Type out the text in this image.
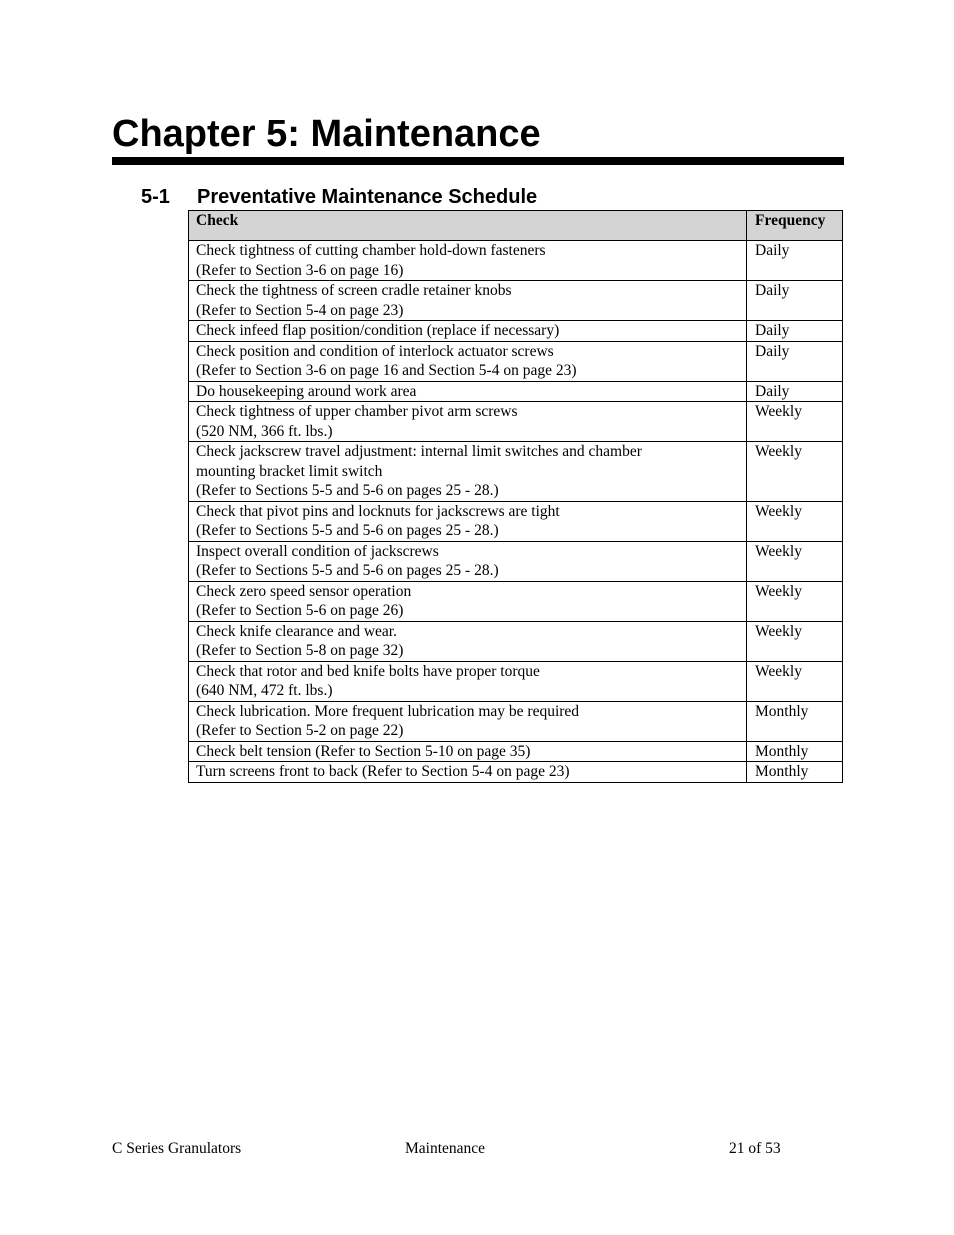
Chapter 5: Maintenance
5-1 Preventative Maintenance Schedule
Check	Frequency

Check tightness of cutting chamber hold-down fasteners
(Refer to Section 3-6 on page 16)	Daily

Check the tightness of screen cradle retainer knobs
(Refer to Section 5-4 on page 23)	Daily

Check infeed flap position/condition (replace if necessary)	Daily

Check position and condition of interlock actuator screws
(Refer to Section 3-6 on page 16 and Section 5-4 on page 23)	Daily

Do housekeeping around work area	Daily

Check tightness of upper chamber pivot arm screws
(520 NM, 366 ft. lbs.)	Weekly

Check jackscrew travel adjustment: internal limit switches and chamber
mounting bracket limit switch
(Refer to Sections 5-5 and 5-6 on pages 25 - 28.)	Weekly

Check that pivot pins and locknuts for jackscrews are tight
(Refer to Sections 5-5 and 5-6 on pages 25 - 28.)	Weekly

Inspect overall condition of jackscrews
(Refer to Sections 5-5 and 5-6 on pages 25 - 28.)	Weekly

Check zero speed sensor operation
(Refer to Section 5-6 on page 26)	Weekly

Check knife clearance and wear.
(Refer to Section 5-8 on page 32)	Weekly

Check that rotor and bed knife bolts have proper torque
(640 NM, 472 ft. lbs.)	Weekly

Check lubrication. More frequent lubrication may be required
(Refer to Section 5-2 on page 22)	Monthly

Check belt tension (Refer to Section 5-10 on page 35)	Monthly

Turn screens front to back (Refer to Section 5-4 on page 23)	Monthly
C Series Granulators	Maintenance	21 of 53
